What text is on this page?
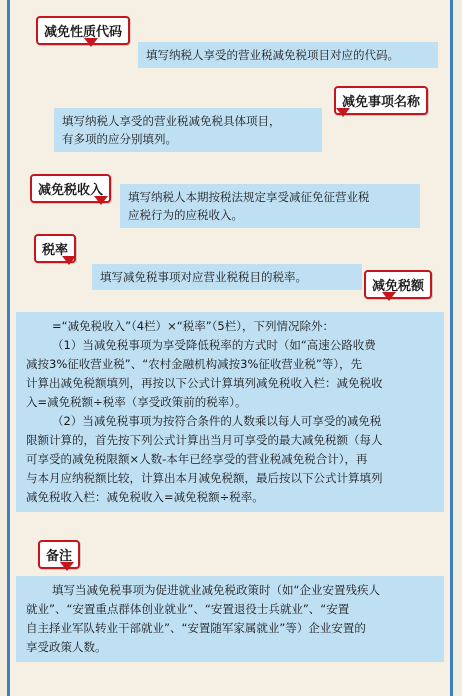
减免性质代码

填写纳税人享受的营业税减免税项目对应的代码。

减免事项名称

填写纳税人享受的营业税减免税具体项目，

有多项的应分别填列。

减免税收入	填写纳税人本期按税法规定享受减征免征营业税

应税行为的应税收入。

税率

填写减免税事项对应营业税税目的税率。

减免税额

=“减免税收入”（4栏）×“税率”（5栏），下列情况除外：

（1）当减免税事项为享受降低税率的方式时（如“高速公路收费

减按3%征收营业税”、“农村金融机构减按3%征收营业税”等），先

计算出减免税额填列，再按以下公式计算填列减免税收入栏：减免税收

入=减免税额÷税率（享受政策前的税率）。

（2）当减免税事项为按符合条件的人数乘以每人可享受的减免税

限额计算的，首先按下列公式计算出当月可享受的最大减免税额（每人

可享受的减免税限额×人数-本年已经享受的营业税减免税合计），再

与本月应纳税额比较，计算出本月减免税额，最后按以下公式计算填列

减免税收入栏：减免税收入=减免税额÷税率。

备注

填写当减免税事项为促进就业减免税政策时（如“企业安置残疾人

就业”、“安置重点群体创业就业”、“安置退役士兵就业”、“安置

自主择业军队转业干部就业”、“安置随军家属就业”等）企业安置的

享受政策人数。
